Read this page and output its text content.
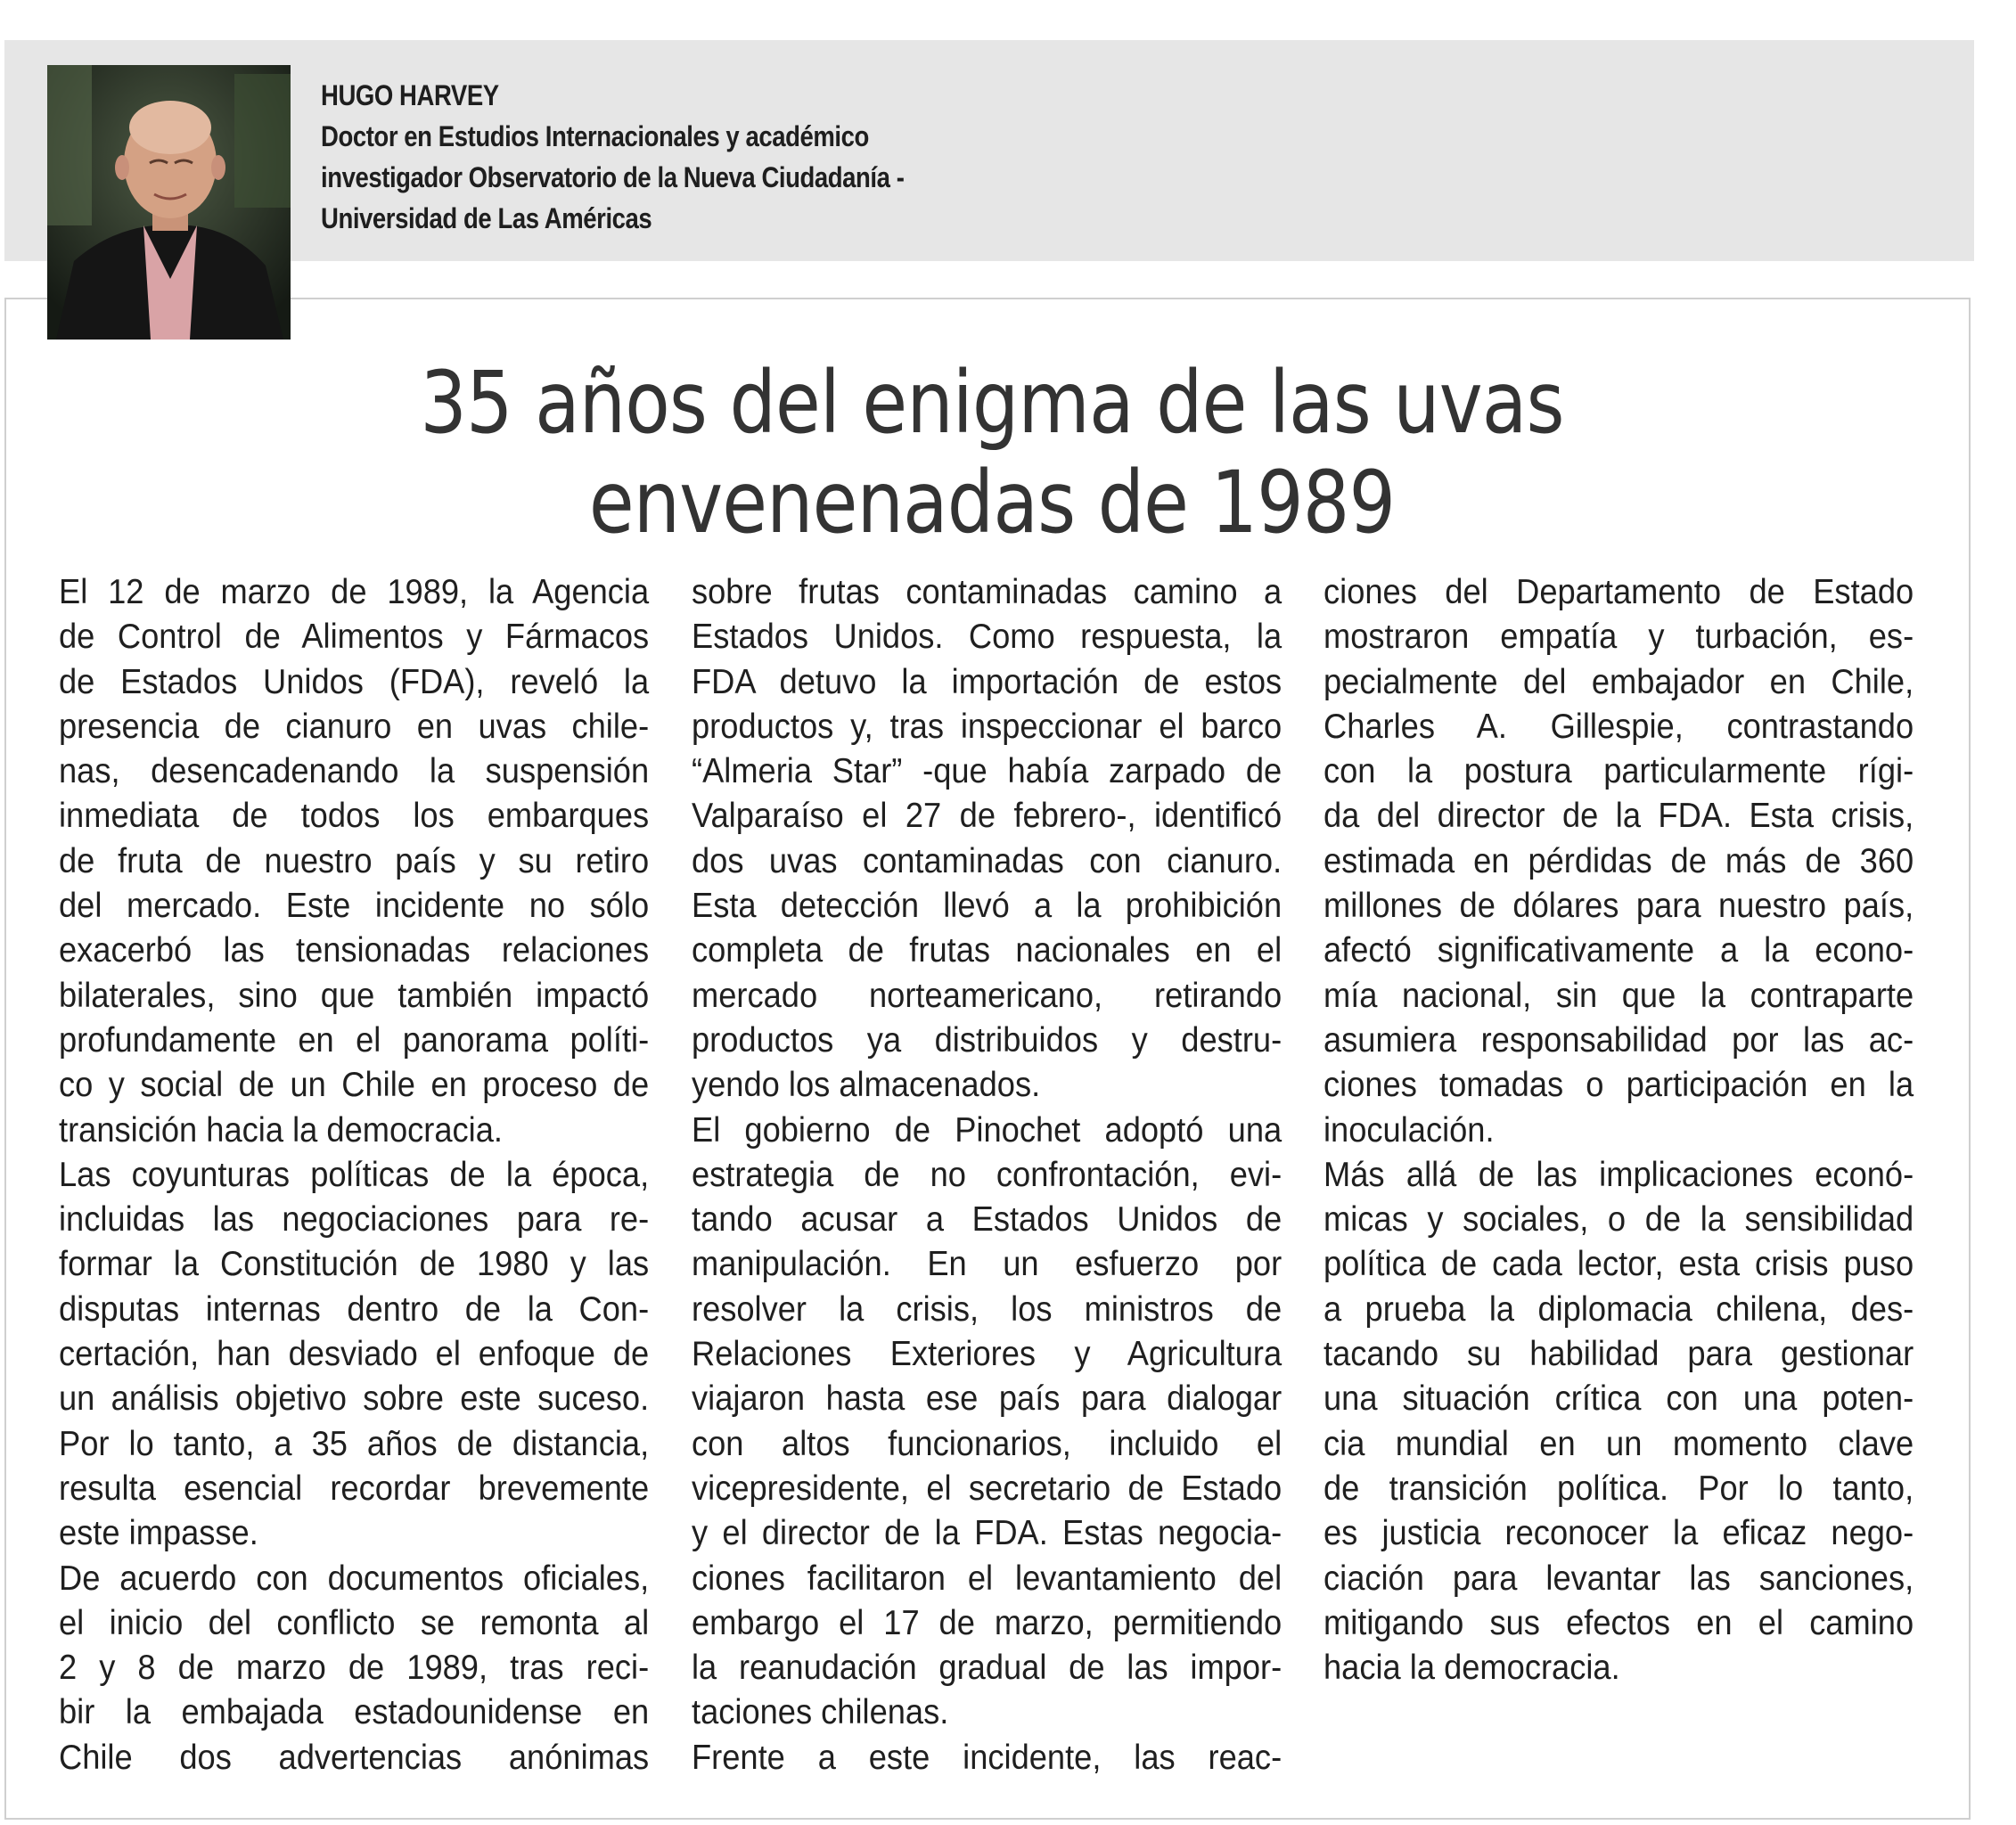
HUGO HARVEY
Doctor en Estudios Internacionales y académico
investigador Observatorio de la Nueva Ciudadanía -
Universidad de Las Américas
35 años del enigma de las uvas
envenenadas de 1989
El 12 de marzo de 1989, la Agencia
de Control de Alimentos y Fármacos
de Estados Unidos (FDA), reveló la
presencia de cianuro en uvas chile-
nas, desencadenando la suspensión
inmediata de todos los embarques
de fruta de nuestro país y su retiro
del mercado. Este incidente no sólo
exacerbó las tensionadas relaciones
bilaterales, sino que también impactó
profundamente en el panorama políti-
co y social de un Chile en proceso de
transición hacia la democracia.
Las coyunturas políticas de la época,
incluidas las negociaciones para re-
formar la Constitución de 1980 y las
disputas internas dentro de la Con-
certación, han desviado el enfoque de
un análisis objetivo sobre este suceso.
Por lo tanto, a 35 años de distancia,
resulta esencial recordar brevemente
este impasse.
De acuerdo con documentos oficiales,
el inicio del conflicto se remonta al
2 y 8 de marzo de 1989, tras reci-
bir la embajada estadounidense en
Chile dos advertencias anónimas
sobre frutas contaminadas camino a
Estados Unidos. Como respuesta, la
FDA detuvo la importación de estos
productos y, tras inspeccionar el barco
“Almeria Star” -que había zarpado de
Valparaíso el 27 de febrero-, identificó
dos uvas contaminadas con cianuro.
Esta detección llevó a la prohibición
completa de frutas nacionales en el
mercado norteamericano, retirando
productos ya distribuidos y destru-
yendo los almacenados.
El gobierno de Pinochet adoptó una
estrategia de no confrontación, evi-
tando acusar a Estados Unidos de
manipulación. En un esfuerzo por
resolver la crisis, los ministros de
Relaciones Exteriores y Agricultura
viajaron hasta ese país para dialogar
con altos funcionarios, incluido el
vicepresidente, el secretario de Estado
y el director de la FDA. Estas negocia-
ciones facilitaron el levantamiento del
embargo el 17 de marzo, permitiendo
la reanudación gradual de las impor-
taciones chilenas.
Frente a este incidente, las reac-
ciones del Departamento de Estado
mostraron empatía y turbación, es-
pecialmente del embajador en Chile,
Charles A. Gillespie, contrastando
con la postura particularmente rígi-
da del director de la FDA. Esta crisis,
estimada en pérdidas de más de 360
millones de dólares para nuestro país,
afectó significativamente a la econo-
mía nacional, sin que la contraparte
asumiera responsabilidad por las ac-
ciones tomadas o participación en la
inoculación.
Más allá de las implicaciones econó-
micas y sociales, o de la sensibilidad
política de cada lector, esta crisis puso
a prueba la diplomacia chilena, des-
tacando su habilidad para gestionar
una situación crítica con una poten-
cia mundial en un momento clave
de transición política. Por lo tanto,
es justicia reconocer la eficaz nego-
ciación para levantar las sanciones,
mitigando sus efectos en el camino
hacia la democracia.
